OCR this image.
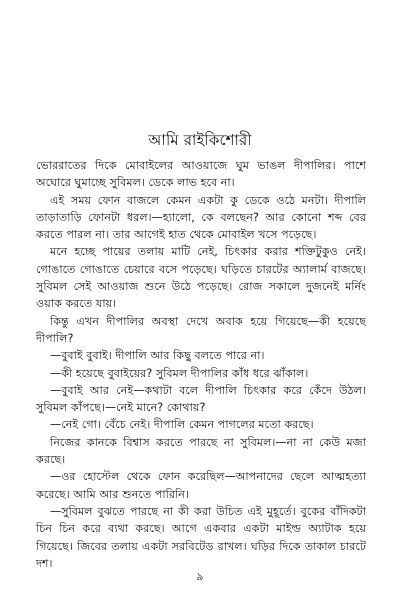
আমি রাইকিশোরী

ভোররাতের দিকে মোবাইলের আওয়াজে ঘুম ভাঙল দীপালির। পাশে অঘোরে ঘুমাচ্ছে সুবিমল। ডেকে লাভ হবে না।

এই সময় ফোন বাজলে কেমন একটা কু ডেকে ওঠে মনটা। দীপালি তাড়াতাড়ি ফোনটা ধরল।—হ্যালো, কে বলছেন? আর কোনো শব্দ বের করতে পারল না। তার আগেই হাত থেকে মোবাইল খসে পড়েছে।

মনে হচ্ছে পায়ের তলায় মাটি নেই, চিৎকার করার শক্তিটুকুও নেই। গোঙাতে গোঙাতে চেয়ারে বসে পড়েছে। ঘড়িতে চারটের অ্যালার্ম বাজছে। সুবিমল সেই আওয়াজ শুনে উঠে পড়েছে। রোজ সকালে দুজনেই মর্নিং ওয়াক করতে যায়।

কিন্তু এখন দীপালির অবস্থা দেখে অবাক হয়ে গিয়েছে—কী হয়েছে দীপালি?

—বুবাই বুবাই। দীপালি আর কিছু বলতে পারে না।

—কী হয়েছে বুবাইয়ের? সুবিমল দীপালির কাঁধ ধরে ঝাঁকাল।

—বুবাই আর নেই—কথাটা বলে দীপালি চিৎকার করে কেঁদে উঠল। সুবিমল কাঁপছে।—নেই মানে? কোথায়?

—নেই গো। বেঁচে নেই। দীপালি কেমন পাগলের মতো করছে।

নিজের কানকে বিশ্বাস করতে পারছে না সুবিমল।—না না কেউ মজা করছে।

—ওর হোস্টেল থেকে ফোন করেছিল—আপনাদের ছেলে আত্মহত্যা করেছে। আমি আর শুনতে পারিনি।

—সুবিমল বুঝতে পারছে না কী করা উচিত এই মুহূর্তে। বুকের বাঁদিকটা চিন চিন করে ব্যথা করছে। আগে একবার একটা মাইল্ড অ্যাটাক হয়ে গিয়েছে। জিবের তলায় একটা সরবিটেড রাখল। ঘড়ির দিকে তাকাল চারটে দশ।

৯
